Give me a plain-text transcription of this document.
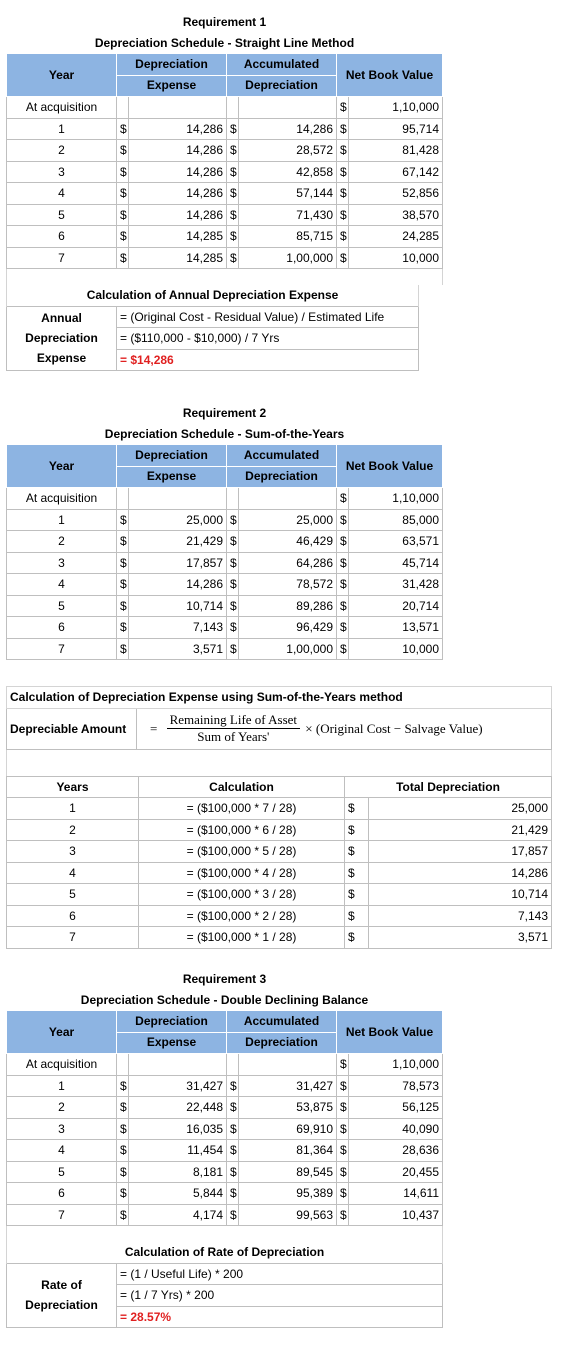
Requirement 1						
Depreciation Schedule - Straight Line Method						
Year	Depreciation		Accumulated		Net Book Value	
	Expense		Depreciation			
At acquisition					$	1,10,000
1	$	14,286	$	14,286	$	95,714
2	$	14,286	$	28,572	$	81,428
3	$	14,286	$	42,858	$	67,142
4	$	14,286	$	57,144	$	52,856
5	$	14,286	$	71,430	$	38,570
6	$	14,285	$	85,715	$	24,285
7	$	14,285	$	1,00,000	$	10,000

Calculation of Annual Depreciation Expense
Annual
Depreciation
Expense	= (Original Cost - Residual Value) / Estimated Life
= ($110,000 - $10,000) / 7 Yrs
= $14,286
Requirement 2						
Depreciation Schedule - Sum-of-the-Years						
Year	Depreciation		Accumulated		Net Book Value	
	Expense		Depreciation			
At acquisition					$	1,10,000
1	$	25,000	$	25,000	$	85,000
2	$	21,429	$	46,429	$	63,571
3	$	17,857	$	64,286	$	45,714
4	$	14,286	$	78,572	$	31,428
5	$	10,714	$	89,286	$	20,714
6	$	7,143	$	96,429	$	13,571
7	$	3,571	$	1,00,000	$	10,000
Calculation of Depreciation Expense using Sum-of-the-Years method
Depreciable Amount	= $\frac{\text{Remaining Life of Asset}}{\text{Sum of Years'}}$ × (Original Cost − Salvage Value)

Years	Calculation	Total Depreciation	
1	= ($100,000 * 7 / 28)	$	25,000
2	= ($100,000 * 6 / 28)	$	21,429
3	= ($100,000 * 5 / 28)	$	17,857
4	= ($100,000 * 4 / 28)	$	14,286
5	= ($100,000 * 3 / 28)	$	10,714
6	= ($100,000 * 2 / 28)	$	7,143
7	= ($100,000 * 1 / 28)	$	3,571
Requirement 3						
Depreciation Schedule - Double Declining Balance						
Year	Depreciation		Accumulated		Net Book Value	
	Expense		Depreciation			
At acquisition					$	1,10,000
1	$	31,427	$	31,427	$	78,573
2	$	22,448	$	53,875	$	56,125
3	$	16,035	$	69,910	$	40,090
4	$	11,454	$	81,364	$	28,636
5	$	8,181	$	89,545	$	20,455
6	$	5,844	$	95,389	$	14,611
7	$	4,174	$	99,563	$	10,437

Calculation of Rate of Depreciation
Rate of
Depreciation	= (1 / Useful Life) * 200
= (1 / 7 Yrs) * 200
= 28.57%
